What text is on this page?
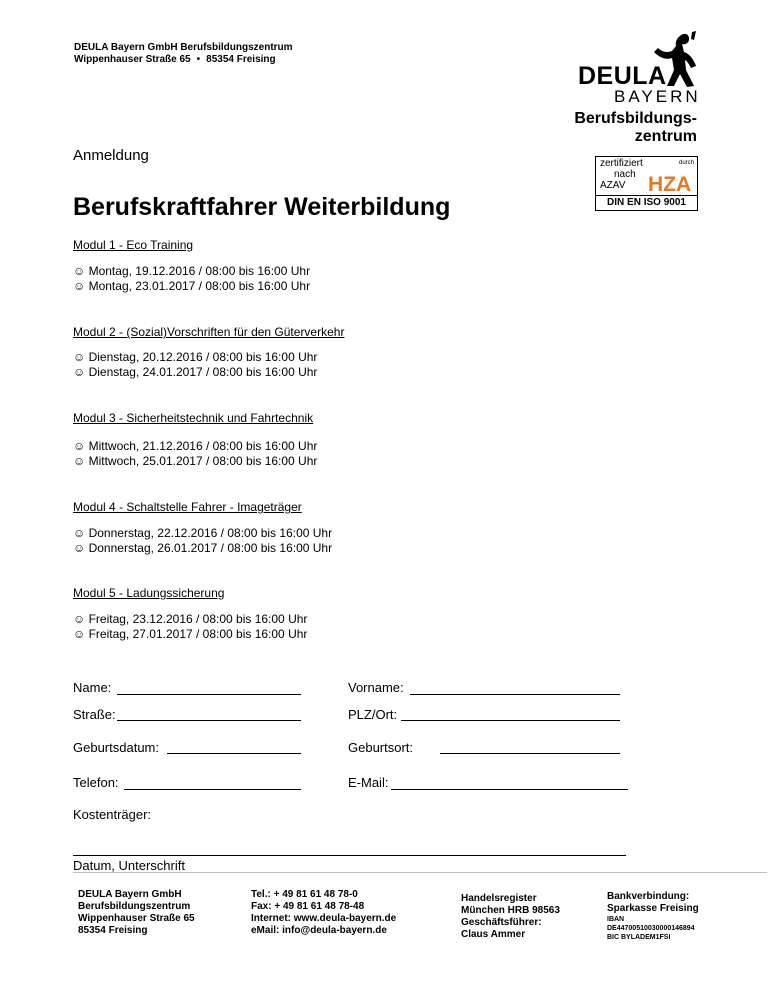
DEULA Bayern GmbH Berufsbildungszentrum
Wippenhauser Straße 65 • 85354 Freising
DEULA
BAYERN
Berufsbildungs-
zentrum
zertifiziert
nach
AZAV
durch
HZA
DIN EN ISO 9001
Anmeldung
Berufskraftfahrer Weiterbildung
Modul 1 - Eco Training
☺ Montag, 19.12.2016 / 08:00 bis 16:00 Uhr
☺ Montag, 23.01.2017 / 08:00 bis 16:00 Uhr
Modul 2 - (Sozial)Vorschriften für den Güterverkehr
☺ Dienstag, 20.12.2016 / 08:00 bis 16:00 Uhr
☺ Dienstag, 24.01.2017 / 08:00 bis 16:00 Uhr
Modul 3 - Sicherheitstechnik und Fahrtechnik
☺ Mittwoch, 21.12.2016 / 08:00 bis 16:00 Uhr
☺ Mittwoch, 25.01.2017 / 08:00 bis 16:00 Uhr
Modul 4 - Schaltstelle Fahrer - Imageträger
☺ Donnerstag, 22.12.2016 / 08:00 bis 16:00 Uhr
☺ Donnerstag, 26.01.2017 / 08:00 bis 16:00 Uhr
Modul 5 - Ladungssicherung
☺ Freitag, 23.12.2016 / 08:00 bis 16:00 Uhr
☺ Freitag, 27.01.2017 / 08:00 bis 16:00 Uhr
Name:	Vorname:
Straße:	PLZ/Ort:
Geburtsdatum:	Geburtsort:
Telefon:	E-Mail:
Kostenträger:
Datum, Unterschrift
DEULA Bayern GmbH
Berufsbildungszentrum
Wippenhauser Straße 65
85354 Freising
Tel.: + 49 81 61 48 78-0
Fax: + 49 81 61 48 78-48
Internet: www.deula-bayern.de
eMail: info@deula-bayern.de
Handelsregister
München HRB 98563
Geschäftsführer:
Claus Ammer
Bankverbindung:
Sparkasse Freising
IBAN
DE44700510030000146894
BIC BYLADEM1FSI
